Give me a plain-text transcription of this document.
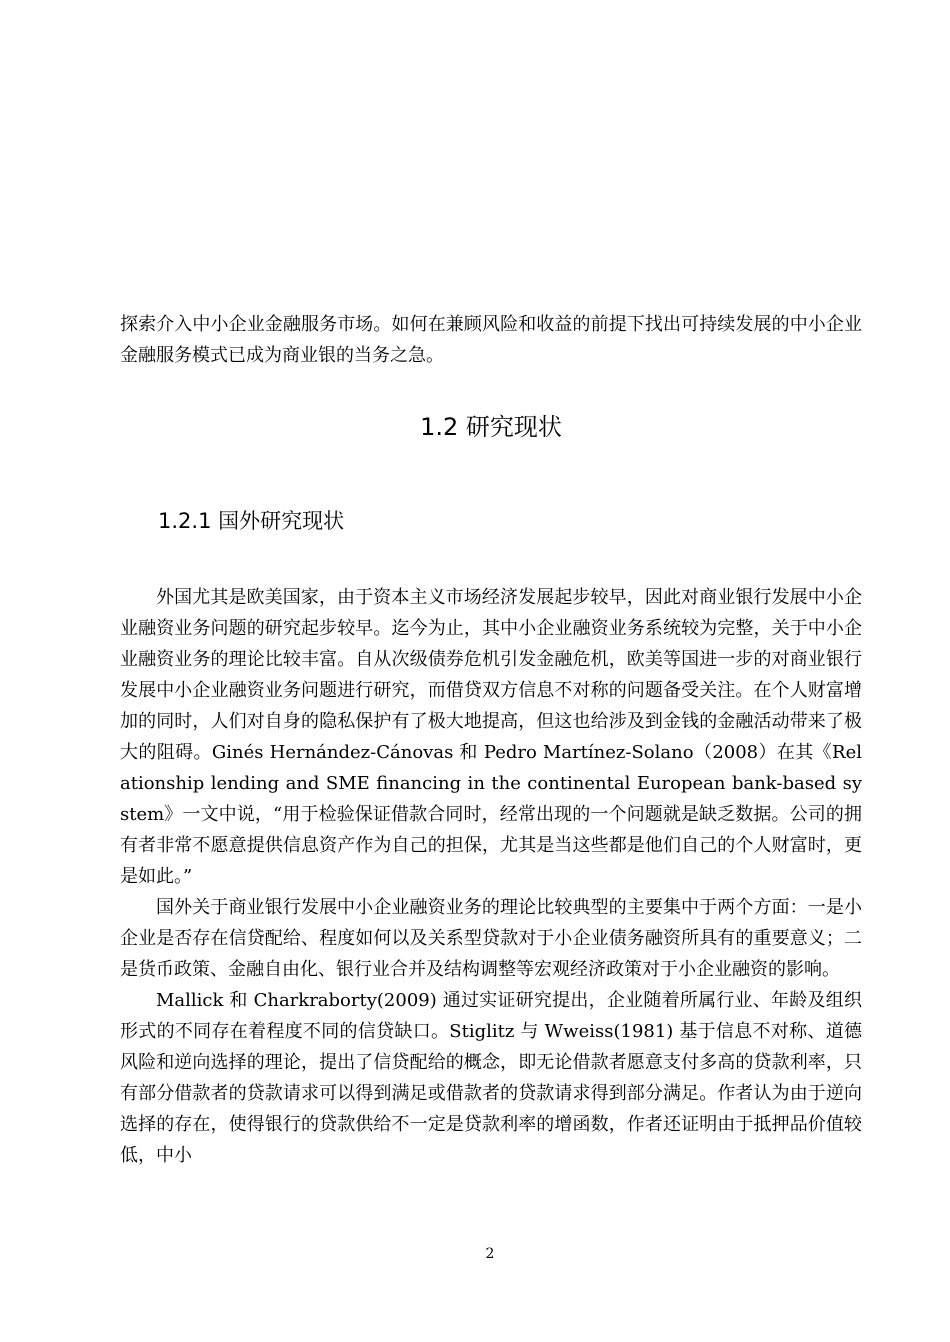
探索介入中小企业金融服务市场。如何在兼顾风险和收益的前提下找出可持续发展的中小企业金融服务模式已成为商业银的当务之急。
1.2 研究现状
1.2.1 国外研究现状

外国尤其是欧美国家，由于资本主义市场经济发展起步较早，因此对商业银行发展中小企业融资业务问题的研究起步较早。迄今为止，其中小企业融资业务系统较为完整，关于中小企业融资业务的理论比较丰富。自从次级债券危机引发金融危机，欧美等国进一步的对商业银行发展中小企业融资业务问题进行研究，而借贷双方信息不对称的问题备受关注。在个人财富增加的同时，人们对自身的隐私保护有了极大地提高，但这也给涉及到金钱的金融活动带来了极大的阻碍。Ginés Hernández-Cánovas 和 Pedro Martínez-Solano（2008）在其《Relationship lending and SME financing in the continental European bank-based system》一文中说，“用于检验保证借款合同时，经常出现的一个问题就是缺乏数据。公司的拥有者非常不愿意提供信息资产作为自己的担保，尤其是当这些都是他们自己的个人财富时，更是如此。”

国外关于商业银行发展中小企业融资业务的理论比较典型的主要集中于两个方面：一是小企业是否存在信贷配给、程度如何以及关系型贷款对于小企业债务融资所具有的重要意义；二是货币政策、金融自由化、银行业合并及结构调整等宏观经济政策对于小企业融资的影响。

Mallick 和 Charkraborty(2009) 通过实证研究提出，企业随着所属行业、年龄及组织形式的不同存在着程度不同的信贷缺口。Stiglitz 与 Wweiss(1981) 基于信息不对称、道德风险和逆向选择的理论，提出了信贷配给的概念，即无论借款者愿意支付多高的贷款利率，只有部分借款者的贷款请求可以得到满足或借款者的贷款请求得到部分满足。作者认为由于逆向选择的存在，使得银行的贷款供给不一定是贷款利率的增函数，作者还证明由于抵押品价值较低，中小

2
